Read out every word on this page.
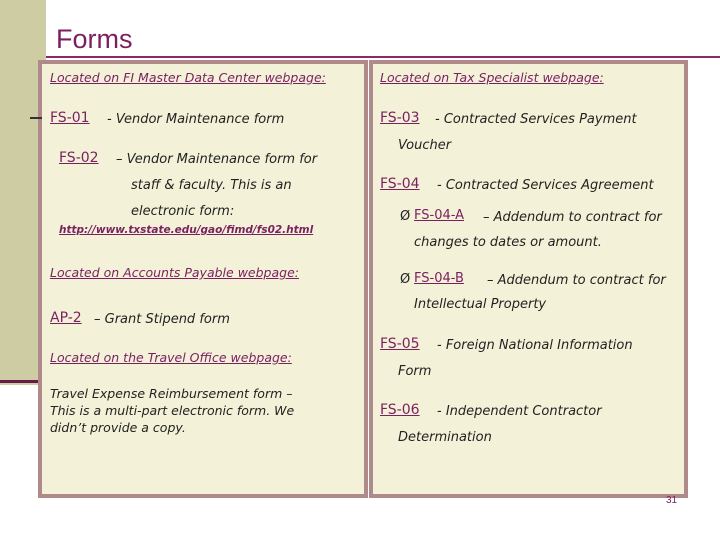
Forms
Located on FI Master Data Center webpage:
FS-01 - Vendor Maintenance form
FS-02 – Vendor Maintenance form for
staff & faculty. This is an
electronic form:
http://www.txstate.edu/gao/fimd/fs02.html
Located on Accounts Payable webpage:
AP-2 – Grant Stipend form
Located on the Travel Office webpage:
Travel Expense Reimbursement form –
This is a multi-part electronic form. We
didn’t provide a copy.
Located on Tax Specialist webpage:
FS-03 - Contracted Services Payment
Voucher
FS-04 - Contracted Services Agreement
Ø FS-04-A – Addendum to contract for
changes to dates or amount.
Ø FS-04-B – Addendum to contract for
Intellectual Property
FS-05 - Foreign National Information
Form
FS-06 - Independent Contractor
Determination
31
